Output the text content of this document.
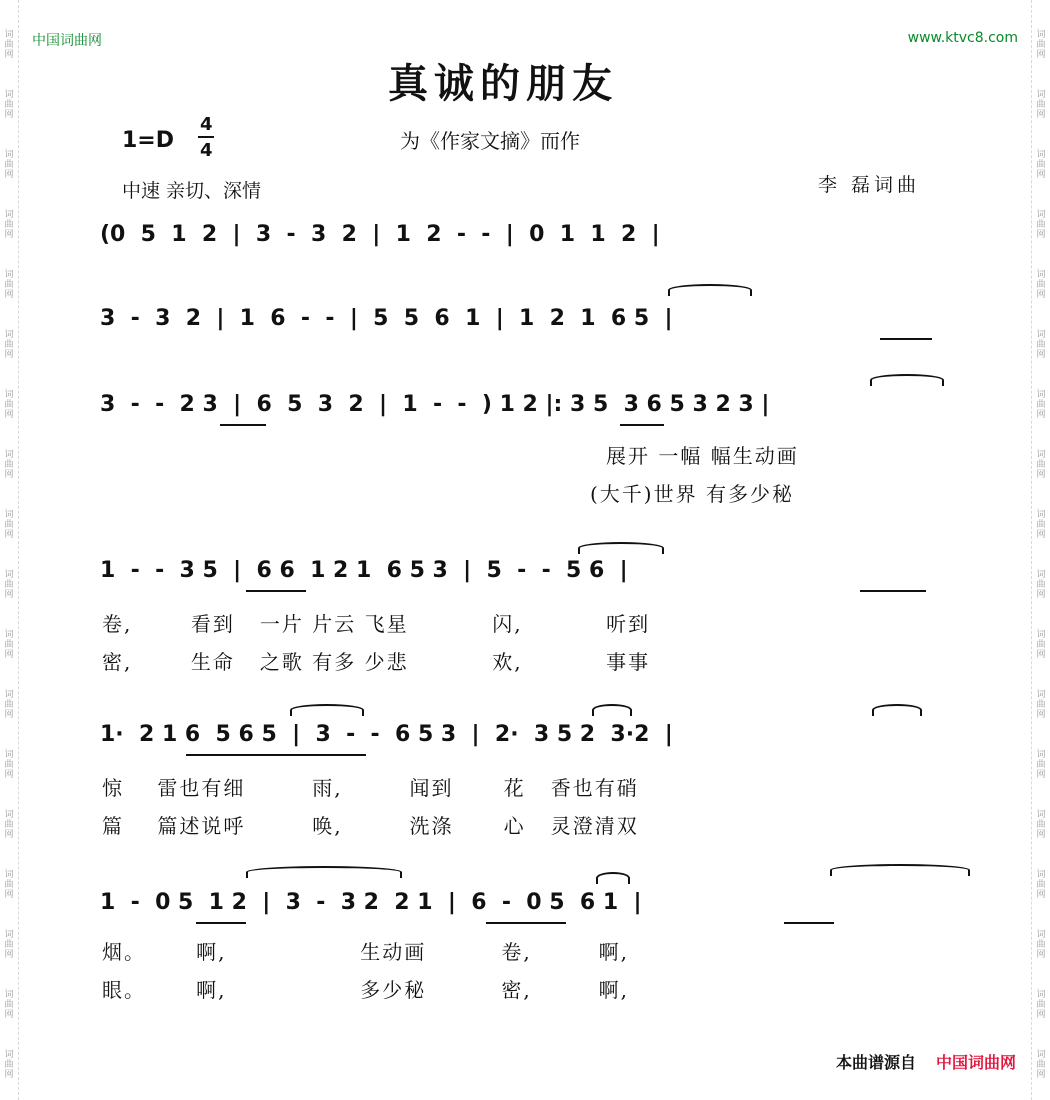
词
曲
网
词
曲
网
词
曲
网
词
曲
网
词
曲
网
词
曲
网
词
曲
网
词
曲
网
词
曲
网
词
曲
网
词
曲
网
词
曲
网
词
曲
网
词
曲
网
词
曲
网
词
曲
网
词
曲
网
词
曲
网
词
曲
网
词
曲
网
词
曲
网
词
曲
网
词
曲
网
词
曲
网
词
曲
网
词
曲
网
词
曲
网
词
曲
网
词
曲
网
词
曲
网
词
曲
网
词
曲
网
词
曲
网
词
曲
网
词
曲
网
词
曲
网
中国词曲网	www.ktvc8.com
真诚的朋友
1=D
4
4	为《作家文摘》而作
中速 亲切、深情	李 磊词曲
(0  5  1  2  |  3  -  3  2  |  1  2  -  -  |  0  1  1  2  |
3  -  3  2  |  1  6  -  -  |  5  5  6  1  |  1  2  1  6 5  |
3  -  -  2 3  |  6  5  3  2  |  1  -  -  ) 1 2 |: 3 5  3 6 5 3 2 3 |
展开 一幅 幅生动画
(大千)世界 有多少秘
1  -  -  3 5  |  6 6  1 2 1  6 5 3  |  5  -  -  5 6  |
卷,       看到   一片 片云 飞星          闪,          听到
密,       生命   之歌 有多 少悲          欢,          事事
1·  2 1 6  5 6 5  |  3  -  -  6 5 3  |  2·  3 5 2  3·2  |
惊    雷也有细        雨,        闻到      花   香也有硝
篇    篇述说呼        唤,        洗涤      心   灵澄清双
1  -  0 5  1 2  |  3  -  3 2  2 1  |  6  -  0 5  6 1  |
烟。      啊,                生动画         卷,        啊,
眼。      啊,                多少秘         密,        啊,
本曲谱源自 中国词曲网
